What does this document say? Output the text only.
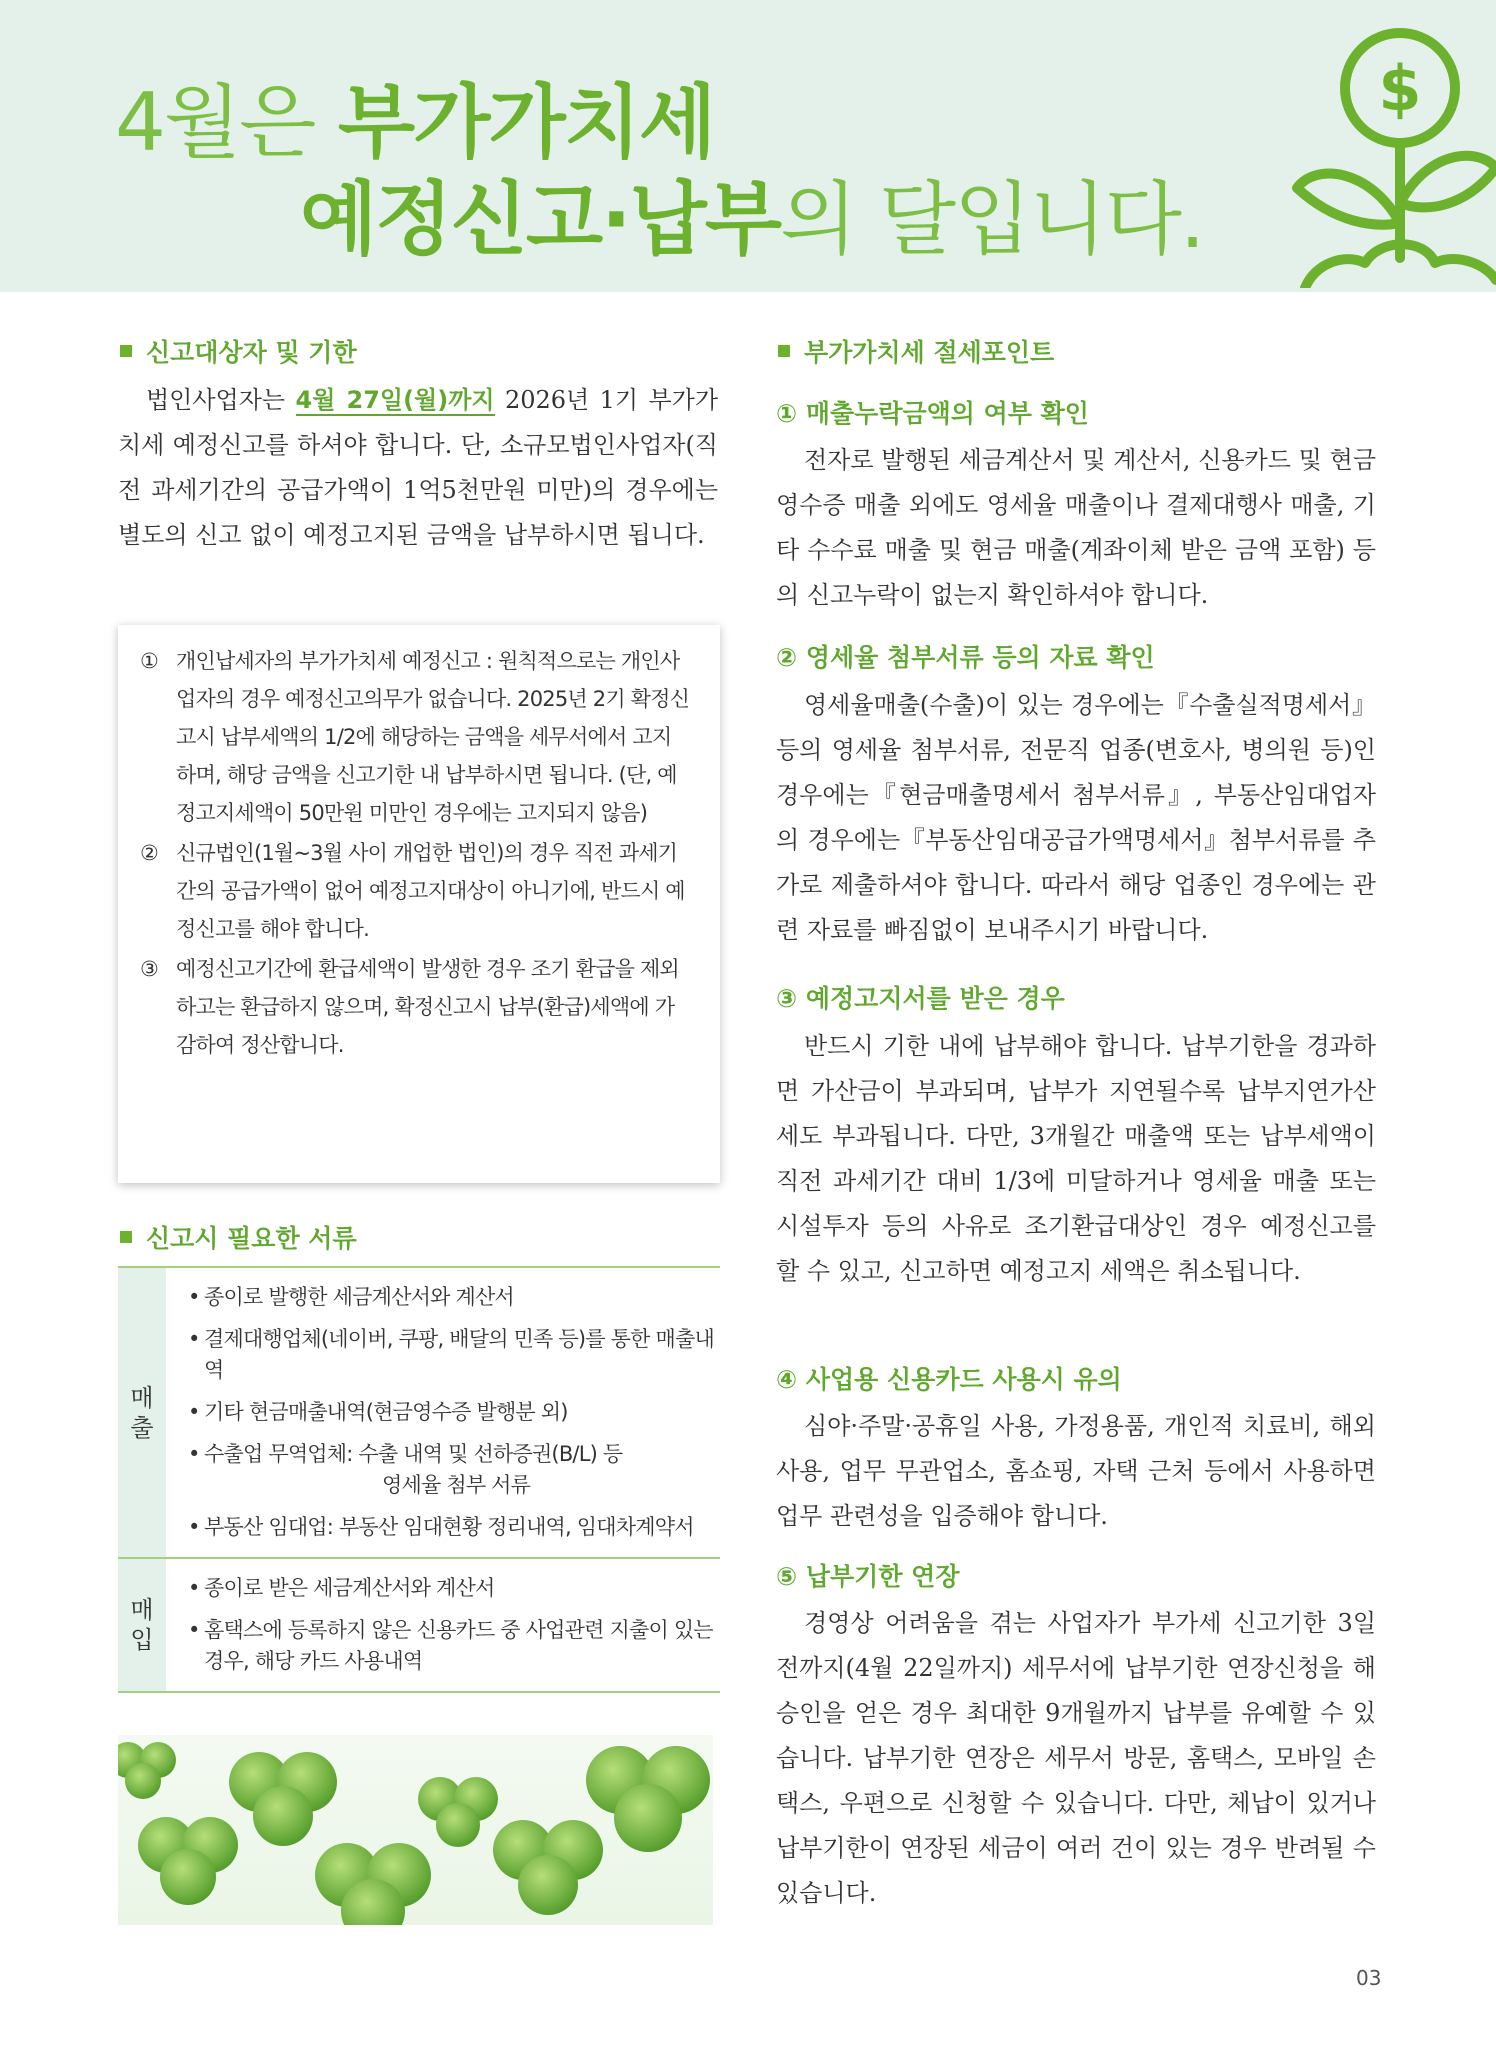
4월은 부가가치세
예정신고·납부의 달입니다.
$
신고대상자 및 기한
법인사업자는 4월 27일(월)까지 2026년 1기 부가가치세 예정신고를 하셔야 합니다. 단, 소규모법인사업자(직전 과세기간의 공급가액이 1억5천만원 미만)의 경우에는 별도의 신고 없이 예정고지된 금액을 납부하시면 됩니다.
① 개인납세자의 부가가치세 예정신고 : 원칙적으로는 개인사업자의 경우 예정신고의무가 없습니다. 2025년 2기 확정신고시 납부세액의 1/2에 해당하는 금액을 세무서에서 고지하며, 해당 금액을 신고기한 내 납부하시면 됩니다. (단, 예정고지세액이 50만원 미만인 경우에는 고지되지 않음)
② 신규법인(1월~3월 사이 개업한 법인)의 경우 직전 과세기간의 공급가액이 없어 예정고지대상이 아니기에, 반드시 예정신고를 해야 합니다.
③ 예정신고기간에 환급세액이 발생한 경우 조기 환급을 제외하고는 환급하지 않으며, 확정신고시 납부(환급)세액에 가감하여 정산합니다.
신고시 필요한 서류
매출
• 종이로 발행한 세금계산서와 계산서
• 결제대행업체(네이버, 쿠팡, 배달의 민족 등)를 통한 매출내역
• 기타 현금매출내역(현금영수증 발행분 외)
• 수출업 무역업체: 수출 내역 및 선하증권(B/L) 등
영세율 첨부 서류
• 부동산 임대업: 부동산 임대현황 정리내역, 임대차계약서
매입
• 종이로 받은 세금계산서와 계산서
• 홈택스에 등록하지 않은 신용카드 중 사업관련 지출이 있는 경우, 해당 카드 사용내역
부가가치세 절세포인트
① 매출누락금액의 여부 확인
전자로 발행된 세금계산서 및 계산서, 신용카드 및 현금영수증 매출 외에도 영세율 매출이나 결제대행사 매출, 기타 수수료 매출 및 현금 매출(계좌이체 받은 금액 포함) 등의 신고누락이 없는지 확인하셔야 합니다.
② 영세율 첨부서류 등의 자료 확인
영세율매출(수출)이 있는 경우에는『수출실적명세서』 등의 영세율 첨부서류, 전문직 업종(변호사, 병의원 등)인 경우에는『현금매출명세서 첨부서류』, 부동산임대업자의 경우에는『부동산임대공급가액명세서』첨부서류를 추가로 제출하셔야 합니다. 따라서 해당 업종인 경우에는 관련 자료를 빠짐없이 보내주시기 바랍니다.
③ 예정고지서를 받은 경우
반드시 기한 내에 납부해야 합니다. 납부기한을 경과하면 가산금이 부과되며, 납부가 지연될수록 납부지연가산세도 부과됩니다. 다만, 3개월간 매출액 또는 납부세액이 직전 과세기간 대비 1/3에 미달하거나 영세율 매출 또는 시설투자 등의 사유로 조기환급대상인 경우 예정신고를 할 수 있고, 신고하면 예정고지 세액은 취소됩니다.
④ 사업용 신용카드 사용시 유의
심야·주말·공휴일 사용, 가정용품, 개인적 치료비, 해외 사용, 업무 무관업소, 홈쇼핑, 자택 근처 등에서 사용하면 업무 관련성을 입증해야 합니다.
⑤ 납부기한 연장
경영상 어려움을 겪는 사업자가 부가세 신고기한 3일 전까지(4월 22일까지) 세무서에 납부기한 연장신청을 해 승인을 얻은 경우 최대한 9개월까지 납부를 유예할 수 있습니다. 납부기한 연장은 세무서 방문, 홈택스, 모바일 손택스, 우편으로 신청할 수 있습니다. 다만, 체납이 있거나 납부기한이 연장된 세금이 여러 건이 있는 경우 반려될 수 있습니다.
03
